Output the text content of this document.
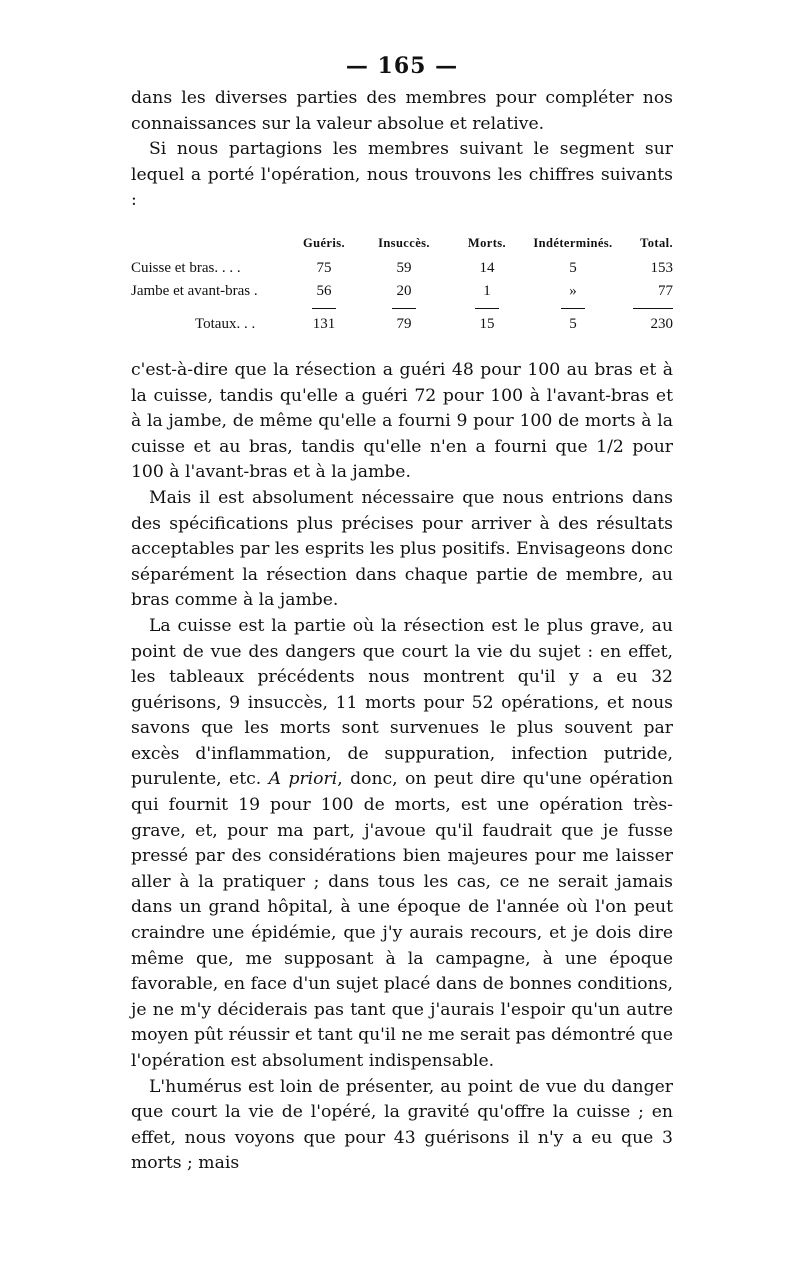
— 165 —

dans les diverses parties des membres pour compléter nos connaissances sur la valeur absolue et relative.

Si nous partagions les membres suivant le segment sur lequel a porté l'opération, nous trouvons les chiffres suivants :

	Guéris.	Insuccès.	Morts.	Indéterminés.	Total.
Cuisse et bras. . . .	75	59	14	5	153
Jambe et avant-bras .	56	20	1	»	77

Totaux. . .	131	79	15	5	230

c'est-à-dire que la résection a guéri 48 pour 100 au bras et à la cuisse, tandis qu'elle a guéri 72 pour 100 à l'avant-bras et à la jambe, de même qu'elle a fourni 9 pour 100 de morts à la cuisse et au bras, tandis qu'elle n'en a fourni que 1/2 pour 100 à l'avant-bras et à la jambe.

Mais il est absolument nécessaire que nous entrions dans des spécifications plus précises pour arriver à des résultats acceptables par les esprits les plus positifs. Envisageons donc séparément la résection dans chaque partie de membre, au bras comme à la jambe.

La cuisse est la partie où la résection est le plus grave, au point de vue des dangers que court la vie du sujet : en effet, les tableaux précédents nous montrent qu'il y a eu 32 guérisons, 9 insuccès, 11 morts pour 52 opérations, et nous savons que les morts sont survenues le plus souvent par excès d'inflammation, de suppuration, infection putride, purulente, etc. A priori, donc, on peut dire qu'une opération qui fournit 19 pour 100 de morts, est une opération très-grave, et, pour ma part, j'avoue qu'il faudrait que je fusse pressé par des considérations bien majeures pour me laisser aller à la pratiquer ; dans tous les cas, ce ne serait jamais dans un grand hôpital, à une époque de l'année où l'on peut craindre une épidémie, que j'y aurais recours, et je dois dire même que, me supposant à la campagne, à une époque favorable, en face d'un sujet placé dans de bonnes conditions, je ne m'y déciderais pas tant que j'aurais l'espoir qu'un autre moyen pût réussir et tant qu'il ne me serait pas démontré que l'opération est absolument indispensable.

L'humérus est loin de présenter, au point de vue du danger que court la vie de l'opéré, la gravité qu'offre la cuisse ; en effet, nous voyons que pour 43 guérisons il n'y a eu que 3 morts ; mais
